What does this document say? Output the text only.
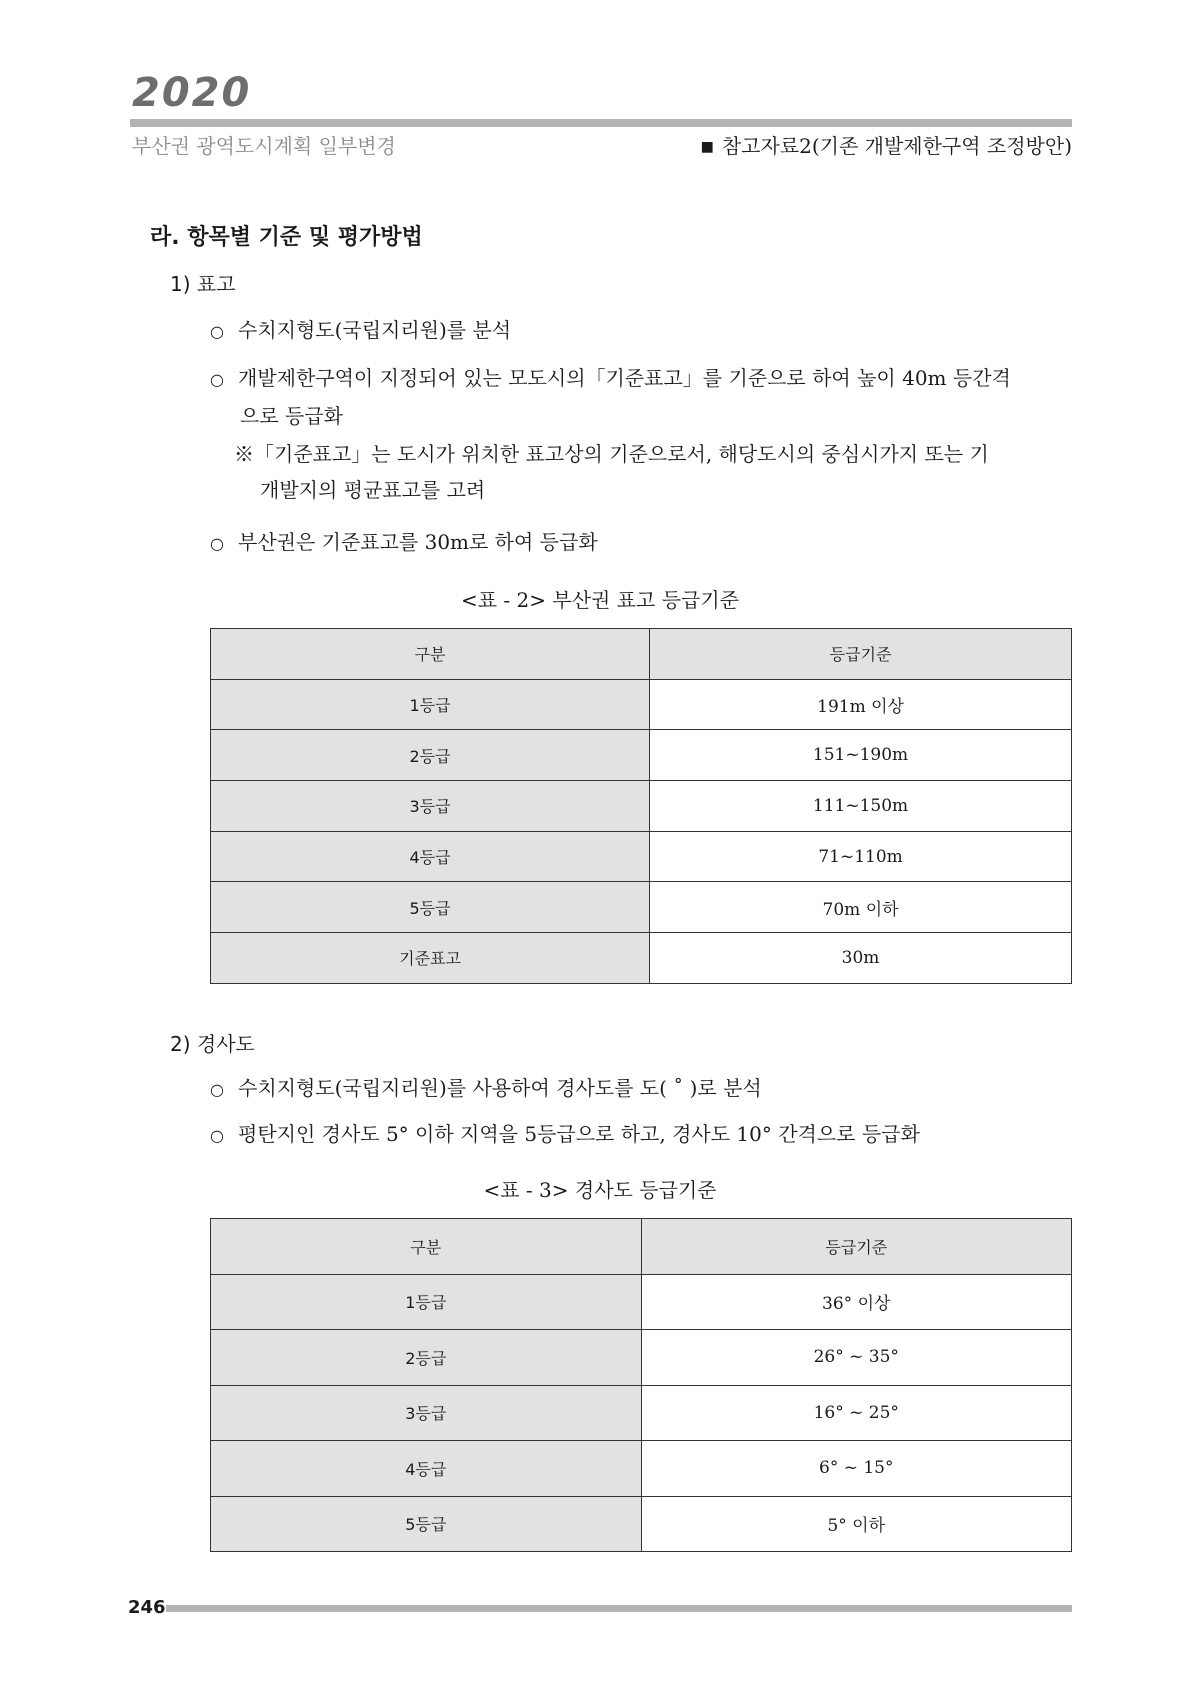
2020
부산권 광역도시계획 일부변경	■ 참고자료2(기존 개발제한구역 조정방안)
라. 항목별 기준 및 평가방법
1) 표고
○ 수치지형도(국립지리원)를 분석
○ 개발제한구역이 지정되어 있는 모도시의「기준표고」를 기준으로 하여 높이 40m 등간격
으로 등급화
※「기준표고」는 도시가 위치한 표고상의 기준으로서, 해당도시의 중심시가지 또는 기
개발지의 평균표고를 고려
○ 부산권은 기준표고를 30m로 하여 등급화
<표 - 2> 부산권 표고 등급기준
구분	등급기준
1등급	191m 이상
2등급	151~190m
3등급	111~150m
4등급	71~110m
5등급	70m 이하
기준표고	30m
2) 경사도
○ 수치지형도(국립지리원)를 사용하여 경사도를 도( ˚ )로 분석
○ 평탄지인 경사도 5° 이하 지역을 5등급으로 하고, 경사도 10° 간격으로 등급화
<표 - 3> 경사도 등급기준
구분	등급기준
1등급	36° 이상
2등급	26° ~ 35°
3등급	16° ~ 25°
4등급	6° ~ 15°
5등급	5° 이하
246
